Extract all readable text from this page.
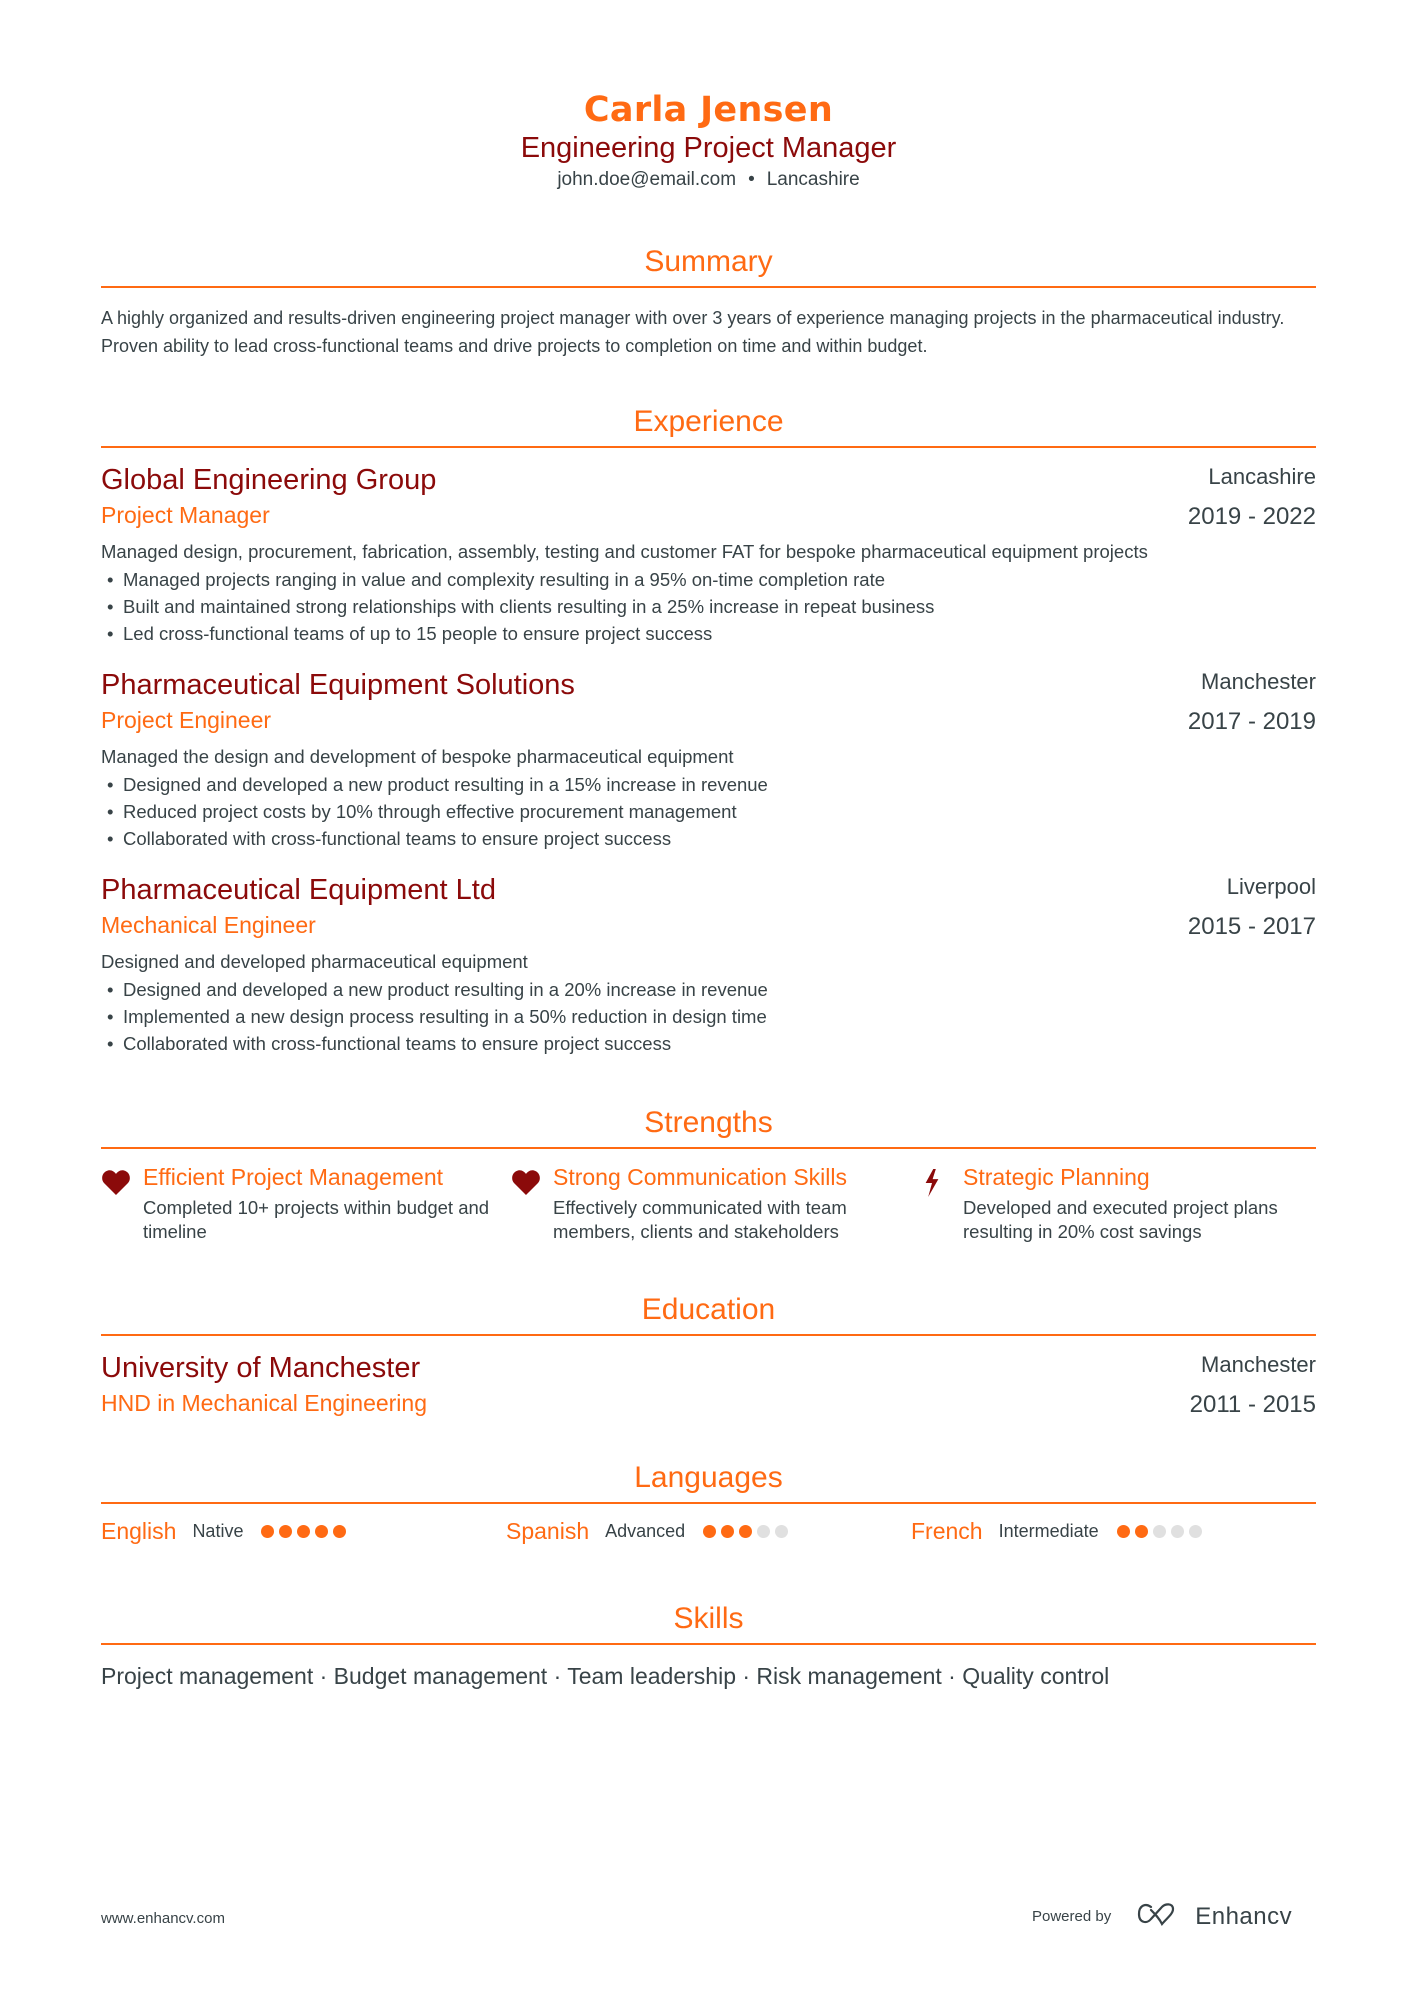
Carla Jensen
Engineering Project Manager
john.doe@email.com • Lancashire
Summary
A highly organized and results-driven engineering project manager with over 3 years of experience managing projects in the pharmaceutical industry. Proven ability to lead cross-functional teams and drive projects to completion on time and within budget.
Experience
Global Engineering Group
Project Manager
Lancashire
2019 - 2022
Managed design, procurement, fabrication, assembly, testing and customer FAT for bespoke pharmaceutical equipment projects
• Managed projects ranging in value and complexity resulting in a 95% on-time completion rate
• Built and maintained strong relationships with clients resulting in a 25% increase in repeat business
• Led cross-functional teams of up to 15 people to ensure project success
Pharmaceutical Equipment Solutions
Project Engineer
Manchester
2017 - 2019
Managed the design and development of bespoke pharmaceutical equipment
• Designed and developed a new product resulting in a 15% increase in revenue
• Reduced project costs by 10% through effective procurement management
• Collaborated with cross-functional teams to ensure project success
Pharmaceutical Equipment Ltd
Mechanical Engineer
Liverpool
2015 - 2017
Designed and developed pharmaceutical equipment
• Designed and developed a new product resulting in a 20% increase in revenue
• Implemented a new design process resulting in a 50% reduction in design time
• Collaborated with cross-functional teams to ensure project success
Strengths
Efficient Project Management
Completed 10+ projects within budget and timeline
Strong Communication Skills
Effectively communicated with team members, clients and stakeholders
Strategic Planning
Developed and executed project plans resulting in 20% cost savings
Education
University of Manchester
HND in Mechanical Engineering
Manchester
2011 - 2015
Languages
English Native	Spanish Advanced	French Intermediate
Skills
Project management · Budget management · Team leadership · Risk management · Quality control
www.enhancv.com	Powered by	Enhancv
